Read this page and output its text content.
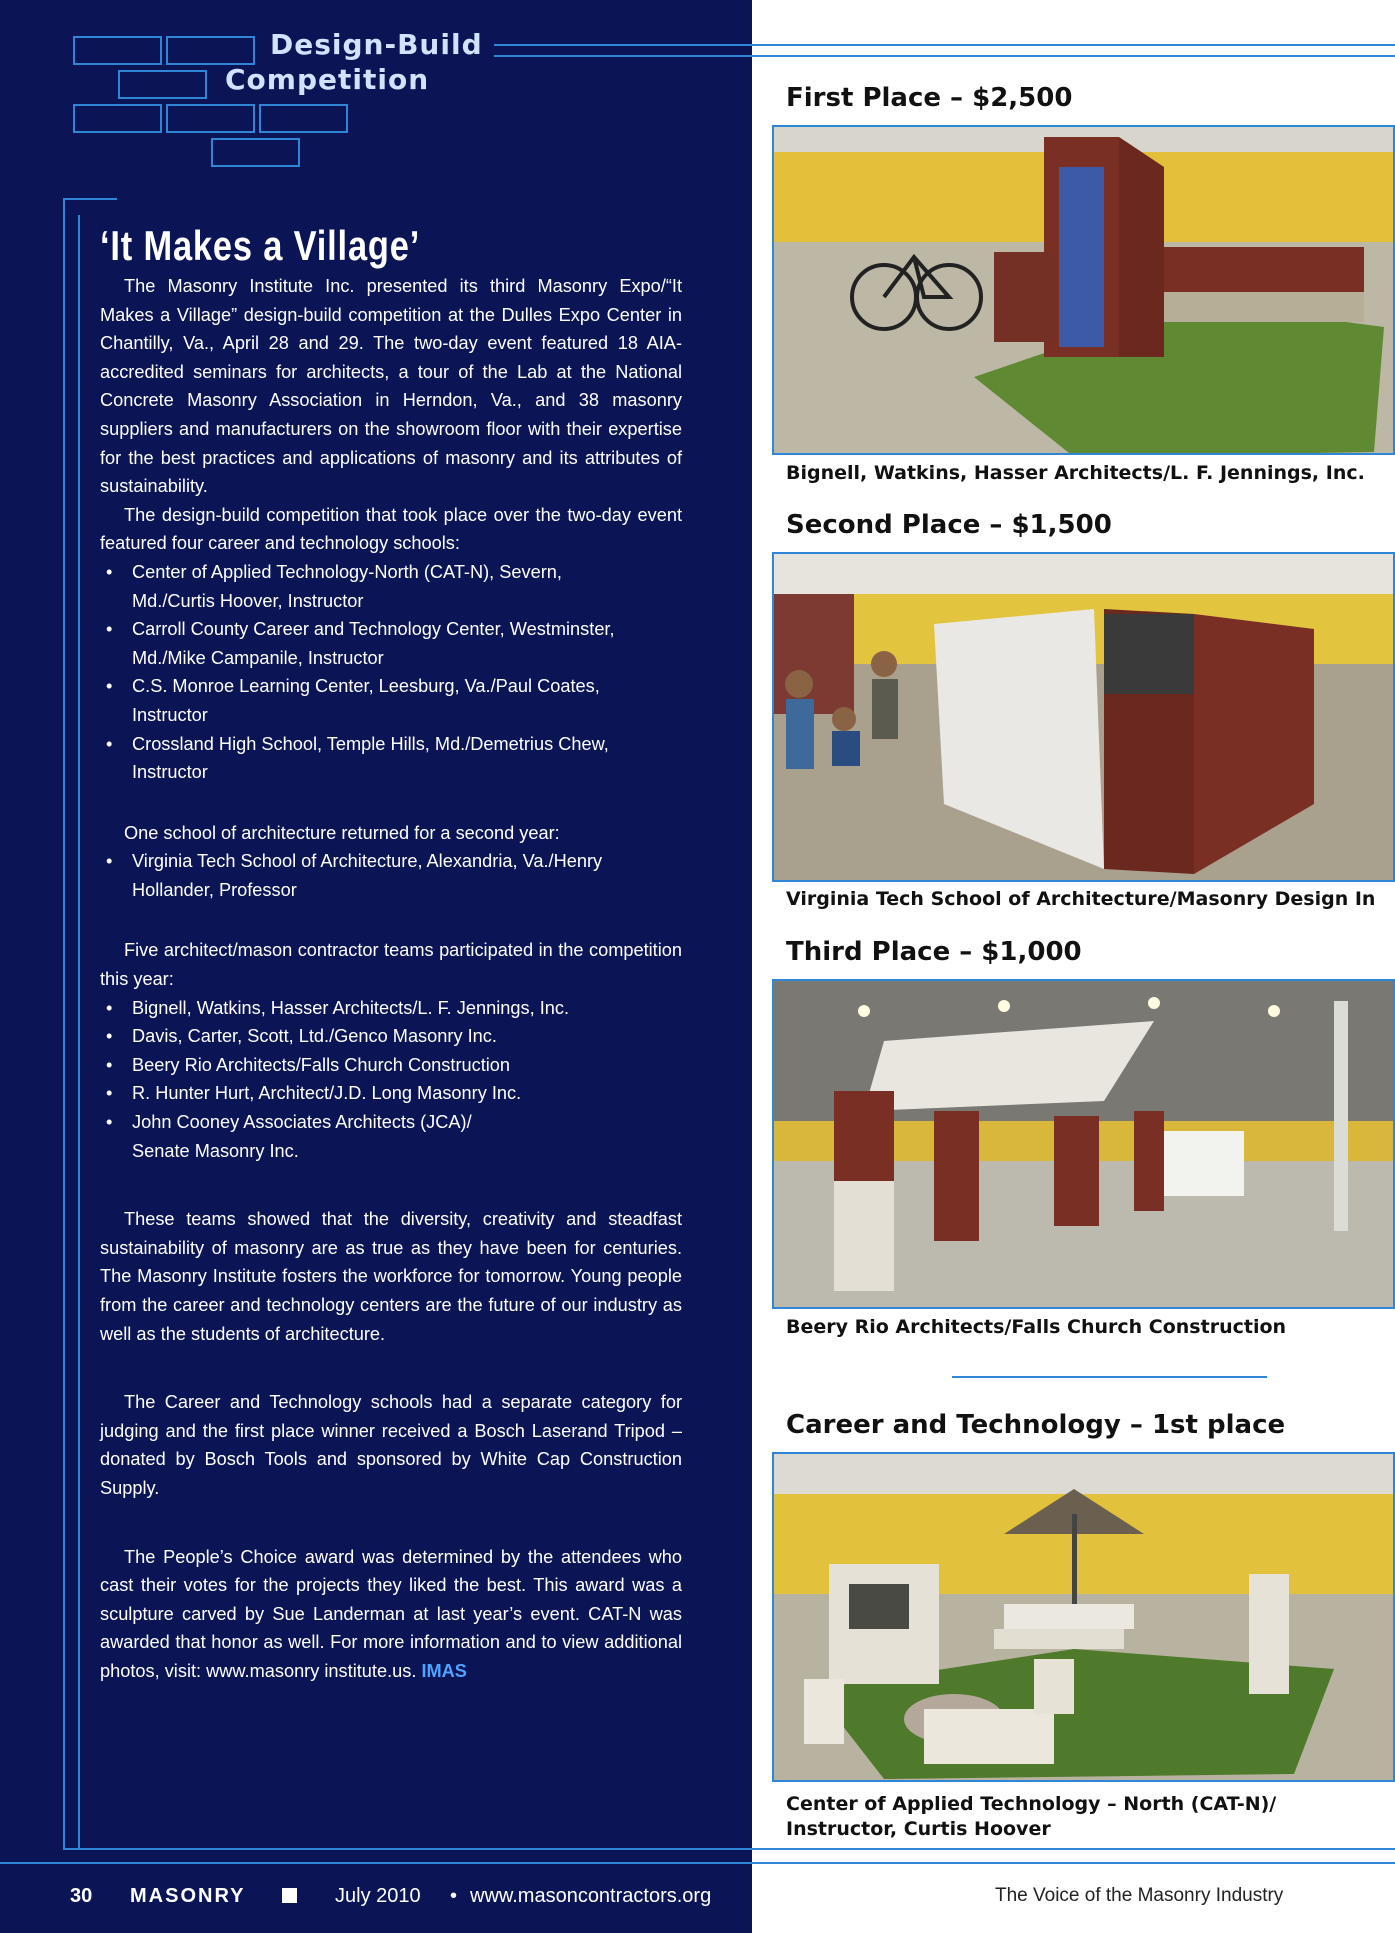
Design-Build
Competition
‘It Makes a Village’

The Masonry Institute Inc. presented its third Masonry Expo/“It Makes a Village” design-build competition at the Dulles Expo Center in Chantilly, Va., April 28 and 29. The two-day event featured 18 AIA-accredited seminars for architects, a tour of the Lab at the National Concrete Masonry Association in Herndon, Va., and 38 masonry suppliers and manufacturers on the showroom floor with their expertise for the best practices and applications of masonry and its attributes of sustainability.

The design-build competition that took place over the two-day event featured four career and technology schools:

• Center of Applied Technology-North (CAT-N), Severn, Md./Curtis Hoover, Instructor
• Carroll County Career and Technology Center, Westminster, Md./Mike Campanile, Instructor
• C.S. Monroe Learning Center, Leesburg, Va./Paul Coates, Instructor
• Crossland High School, Temple Hills, Md./Demetrius Chew, Instructor

One school of architecture returned for a second year:

• Virginia Tech School of Architecture, Alexandria, Va./Henry Hollander, Professor

Five architect/mason contractor teams participated in the competition this year:

• Bignell, Watkins, Hasser Architects/L. F. Jennings, Inc.
• Davis, Carter, Scott, Ltd./Genco Masonry Inc.
• Beery Rio Architects/Falls Church Construction
• R. Hunter Hurt, Architect/J.D. Long Masonry Inc.
• John Cooney Associates Architects (JCA)/ Senate Masonry Inc.

These teams showed that the diversity, creativity and steadfast sustainability of masonry are as true as they have been for centuries. The Masonry Institute fosters the workforce for tomorrow. Young people from the career and technology centers are the future of our industry as well as the students of architecture.

The Career and Technology schools had a separate category for judging and the first place winner received a Bosch Laserand Tripod – donated by Bosch Tools and sponsored by White Cap Construction Supply.

The People’s Choice award was determined by the attendees who cast their votes for the projects they liked the best. This award was a sculpture carved by Sue Landerman at last year’s event. CAT-N was awarded that honor as well. For more information and to view additional photos, visit: www.masonry institute.us. IMAS

First Place – $2,500
Bignell, Watkins, Hasser Architects/L. F. Jennings, Inc.
Second Place – $1,500
Virginia Tech School of Architecture/Masonry Design In
Third Place – $1,000
Beery Rio Architects/Falls Church Construction
Career and Technology – 1st place
Center of Applied Technology – North (CAT-N)/
Instructor, Curtis Hoover
30 MASONRY	July 2010 • www.masoncontractors.org	The Voice of the Masonry Industry
